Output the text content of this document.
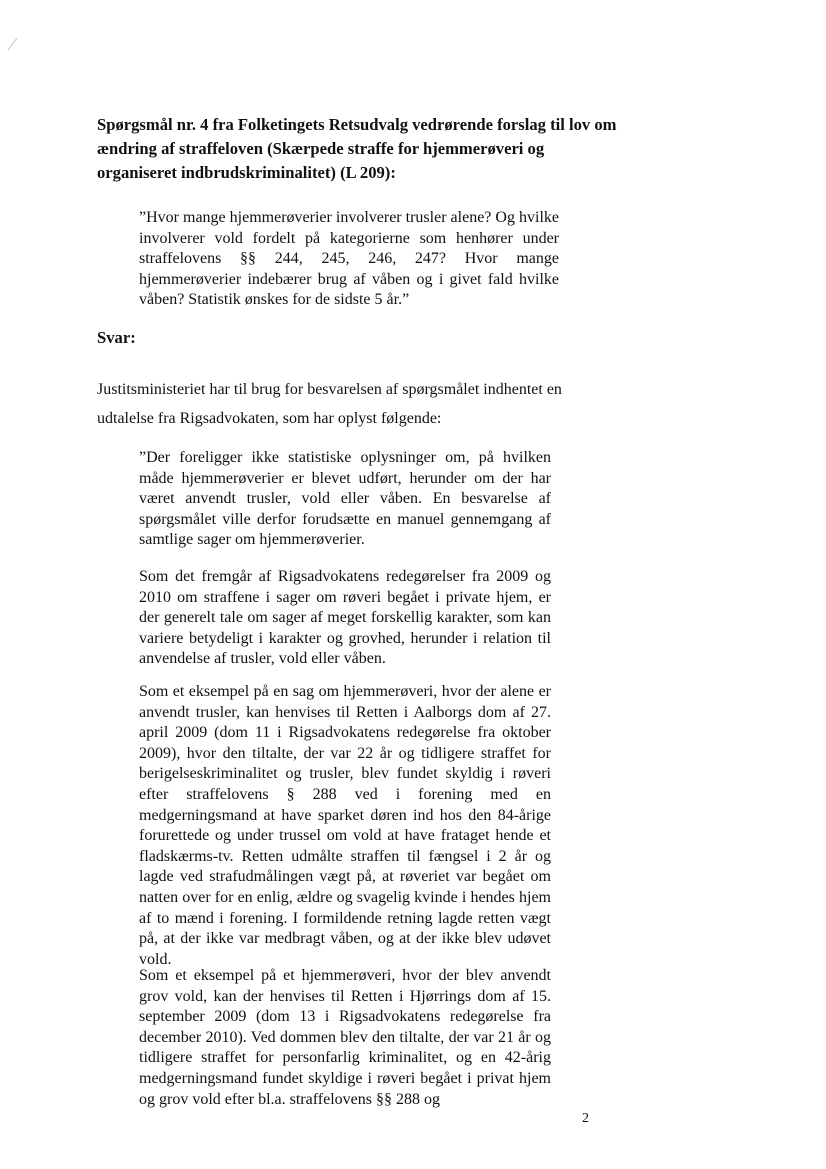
Spørgsmål nr. 4 fra Folketingets Retsudvalg vedrørende forslag til lov om ændring af straffeloven (Skærpede straffe for hjemmerøveri og organiseret indbrudskriminalitet) (L 209):
”Hvor mange hjemmerøverier involverer trusler alene? Og hvilke involverer vold fordelt på kategorierne som henhører under straffelovens §§ 244, 245, 246, 247? Hvor mange hjemmerøverier indebærer brug af våben og i givet fald hvilke våben? Statistik ønskes for de sidste 5 år.”
Svar:
Justitsministeriet har til brug for besvarelsen af spørgsmålet indhentet en udtalelse fra Rigsadvokaten, som har oplyst følgende:
”Der foreligger ikke statistiske oplysninger om, på hvilken måde hjemmerøverier er blevet udført, herunder om der har været anvendt trusler, vold eller våben. En besvarelse af spørgsmålet ville derfor forudsætte en manuel gennemgang af samtlige sager om hjemmerøverier.
Som det fremgår af Rigsadvokatens redegørelser fra 2009 og 2010 om straffene i sager om røveri begået i private hjem, er der generelt tale om sager af meget forskellig karakter, som kan variere betydeligt i karakter og grovhed, herunder i relation til anvendelse af trusler, vold eller våben.
Som et eksempel på en sag om hjemmerøveri, hvor der alene er anvendt trusler, kan henvises til Retten i Aalborgs dom af 27. april 2009 (dom 11 i Rigsadvokatens redegørelse fra oktober 2009), hvor den tiltalte, der var 22 år og tidligere straffet for berigelseskriminalitet og trusler, blev fundet skyldig i røveri efter straffelovens § 288 ved i forening med en medgerningsmand at have sparket døren ind hos den 84-årige forurettede og under trussel om vold at have frataget hende et fladskærms-tv. Retten udmålte straffen til fængsel i 2 år og lagde ved strafudmålingen vægt på, at røveriet var begået om natten over for en enlig, ældre og svagelig kvinde i hendes hjem af to mænd i forening. I formildende retning lagde retten vægt på, at der ikke var medbragt våben, og at der ikke blev udøvet vold.
Som et eksempel på et hjemmerøveri, hvor der blev anvendt grov vold, kan der henvises til Retten i Hjørrings dom af 15. september 2009 (dom 13 i Rigsadvokatens redegørelse fra december 2010). Ved dommen blev den tiltalte, der var 21 år og tidligere straffet for personfarlig kriminalitet, og en 42-årig medgerningsmand fundet skyldige i røveri begået i privat hjem og grov vold efter bl.a. straffelovens §§ 288 og
2
